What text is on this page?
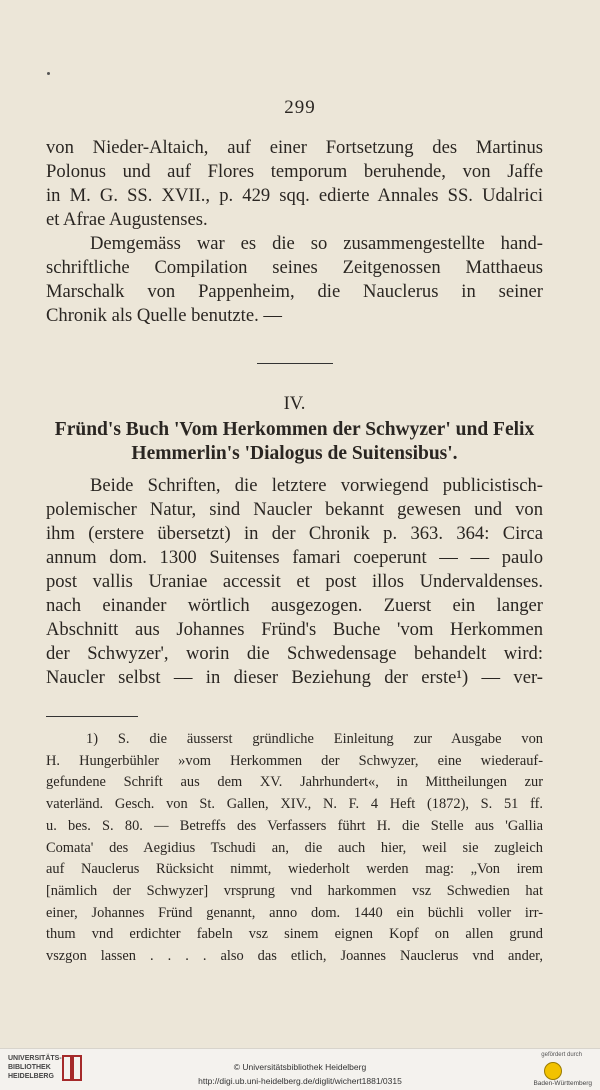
299

von Nieder-Altaich, auf einer Fortsetzung des Martinus

Polonus und auf Flores temporum beruhende, von Jaffe

in M. G. SS. XVII., p. 429 sqq. edierte Annales SS. Udalrici

et Afrae Augustenses.

Demgemäss war es die so zusammengestellte hand-

schriftliche Compilation seines Zeitgenossen Matthaeus

Marschalk von Pappenheim, die Nauclerus in seiner

Chronik als Quelle benutzte. —

IV.

Fründ's Buch 'Vom Herkommen der Schwyzer' und Felix

Hemmerlin's 'Dialogus de Suitensibus'.

Beide Schriften, die letztere vorwiegend publicistisch-

polemischer Natur, sind Naucler bekannt gewesen und von

ihm (erstere übersetzt) in der Chronik p. 363. 364: Circa

annum dom. 1300 Suitenses famari coeperunt — — paulo

post vallis Uraniae accessit et post illos Undervaldenses.

nach einander wörtlich ausgezogen. Zuerst ein langer

Abschnitt aus Johannes Fründ's Buche 'vom Herkommen

der Schwyzer', worin die Schwedensage behandelt wird:

Naucler selbst — in dieser Beziehung der erste¹) — ver-

1) S. die äusserst gründliche Einleitung zur Ausgabe von

H. Hungerbühler »vom Herkommen der Schwyzer, eine wiederauf-

gefundene Schrift aus dem XV. Jahrhundert«, in Mittheilungen zur

vaterländ. Gesch. von St. Gallen, XIV., N. F. 4 Heft (1872), S. 51 ff.

u. bes. S. 80. — Betreffs des Verfassers führt H. die Stelle aus 'Gallia

Comata' des Aegidius Tschudi an, die auch hier, weil sie zugleich

auf Nauclerus Rücksicht nimmt, wiederholt werden mag: „Von irem

[nämlich der Schwyzer] vrsprung vnd harkommen vsz Schwedien hat

einer, Johannes Fründ genannt, anno dom. 1440 ein büchli voller irr-

thum vnd erdichter fabeln vsz sinem eignen Kopf on allen grund

vszgon lassen . . . . also das etlich, Joannes Nauclerus vnd ander,

UNIVERSITÄTS-
BIBLIOTHEK
HEIDELBERG
© Universitätsbibliothek Heidelberg
http://digi.ub.uni-heidelberg.de/diglit/wichert1881/0315
gefördert durch
Baden-Württemberg
